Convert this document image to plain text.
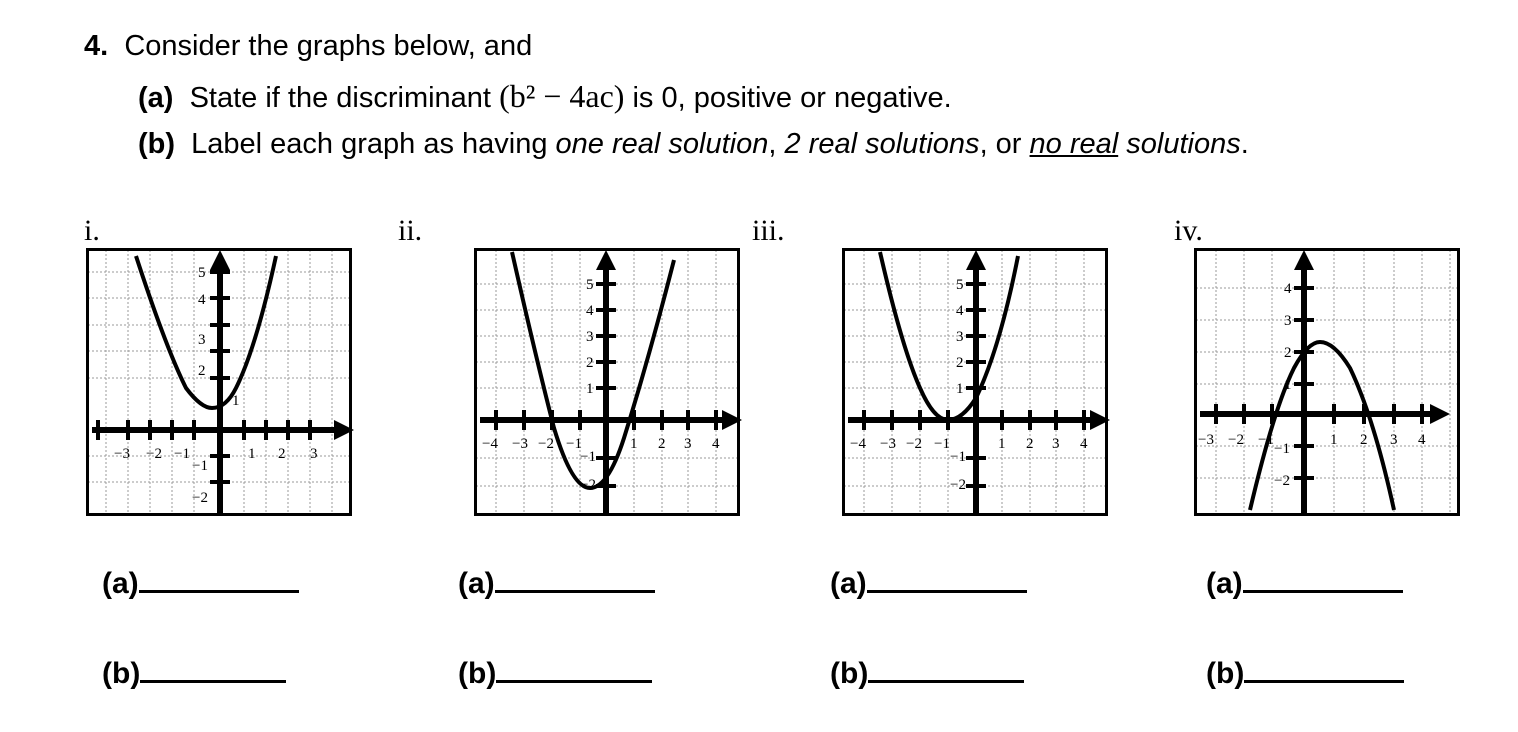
4. Consider the graphs below, and
(a) State if the discriminant (b² − 4ac) is 0, positive or negative.
(b) Label each graph as having one real solution, 2 real solutions, or no real solutions.
i.	ii.	iii.	iv.
−3 −2 −1	1 2 3
5
4
3
2
1
−1
−2
−4 −3 −2 −1	1 2 3 4
5
4
3
2
1
−1
−2
−4 −3 −2 −1	1 2 3 4
5
4
3
2
1
−1
−2
−3 −2 −1	1 2 3 4
4
3
2
1
−1
−2
(a)
(b)
(a)
(b)
(a)
(b)
(a)
(b)
